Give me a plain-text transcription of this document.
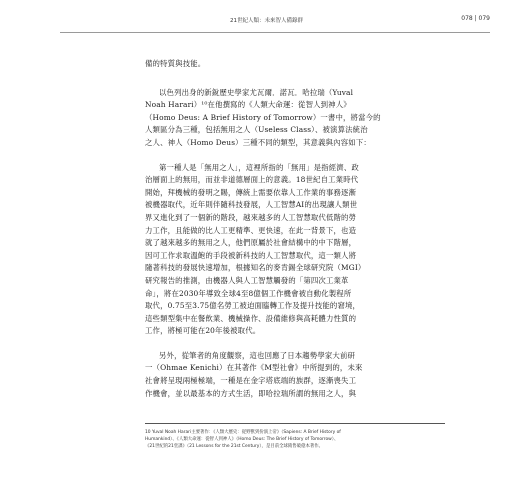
21世紀人類：未來智人備錄群	078 | 079
備的特質與技能。
以色列出身的新銳歷史學家尤瓦爾．諾瓦．哈拉瑞（Yuval
Noah Harari）¹⁰在他撰寫的《人類大命運：從智人到神人》
（Homo Deus: A Brief History of Tomorrow）一書中，將當今的
人類區分為三種，包括無用之人（Useless Class）、被演算法統治
之人、神人（Homo Deus）三種不同的類型，其意義與內容如下：
第一種人是「無用之人」，這裡所指的「無用」是指經濟、政
治層面上的無用，而並非道德層面上的意義。18世紀自工業時代
開始，拜機械的發明之賜，傳統上需要依靠人工作業的事務逐漸
被機器取代，近年則伴隨科技發展，人工智慧AI的出現讓人類世
界又進化到了一個新的階段，越來越多的人工智慧取代低階的勞
力工作，且能做的比人工更精準、更快速，在此一背景下，也造
就了越來越多的無用之人，他們原屬於社會結構中的中下階層，
因可工作求取溫飽的手段被新科技的人工智慧取代，這一類人將
隨著科技的發展快速增加，根據知名的麥肯錫全球研究院（MGI）
研究報告的推測，由機器人與人工智慧觸發的「第四次工業革
命」，將在2030年導致全球4至8億個工作機會被自動化製程所
取代，0.75至3.75億名勞工被迫面臨轉工作及提升技能的窘境，
這些類型集中在餐飲業、機械操作、設備維修與高耗體力性質的
工作，將極可能在20年後被取代。
另外，從筆者的角度觀察，這也回應了日本趨勢學家大前研
一（Ohmae Kenichi）在其著作《M型社會》中所提到的，未來
社會將呈現兩極極端，一種是在金字塔底端的族群，逐漸喪失工
作機會，並以最基本的方式生活，即哈拉瑞所謂的無用之人，與
10 Yuval Noah Harari主要著作：《人類大歷史：從野獸到扮演上帝》（Sapiens: A Brief History of
Humankind）、《人類大命運：從智人到神人》（Homo Deus: The Brief History of Tomorrow）、
《21世紀的21堂課》（21 Lessons for the 21st Century），是目前全球銷售破億本著作。
